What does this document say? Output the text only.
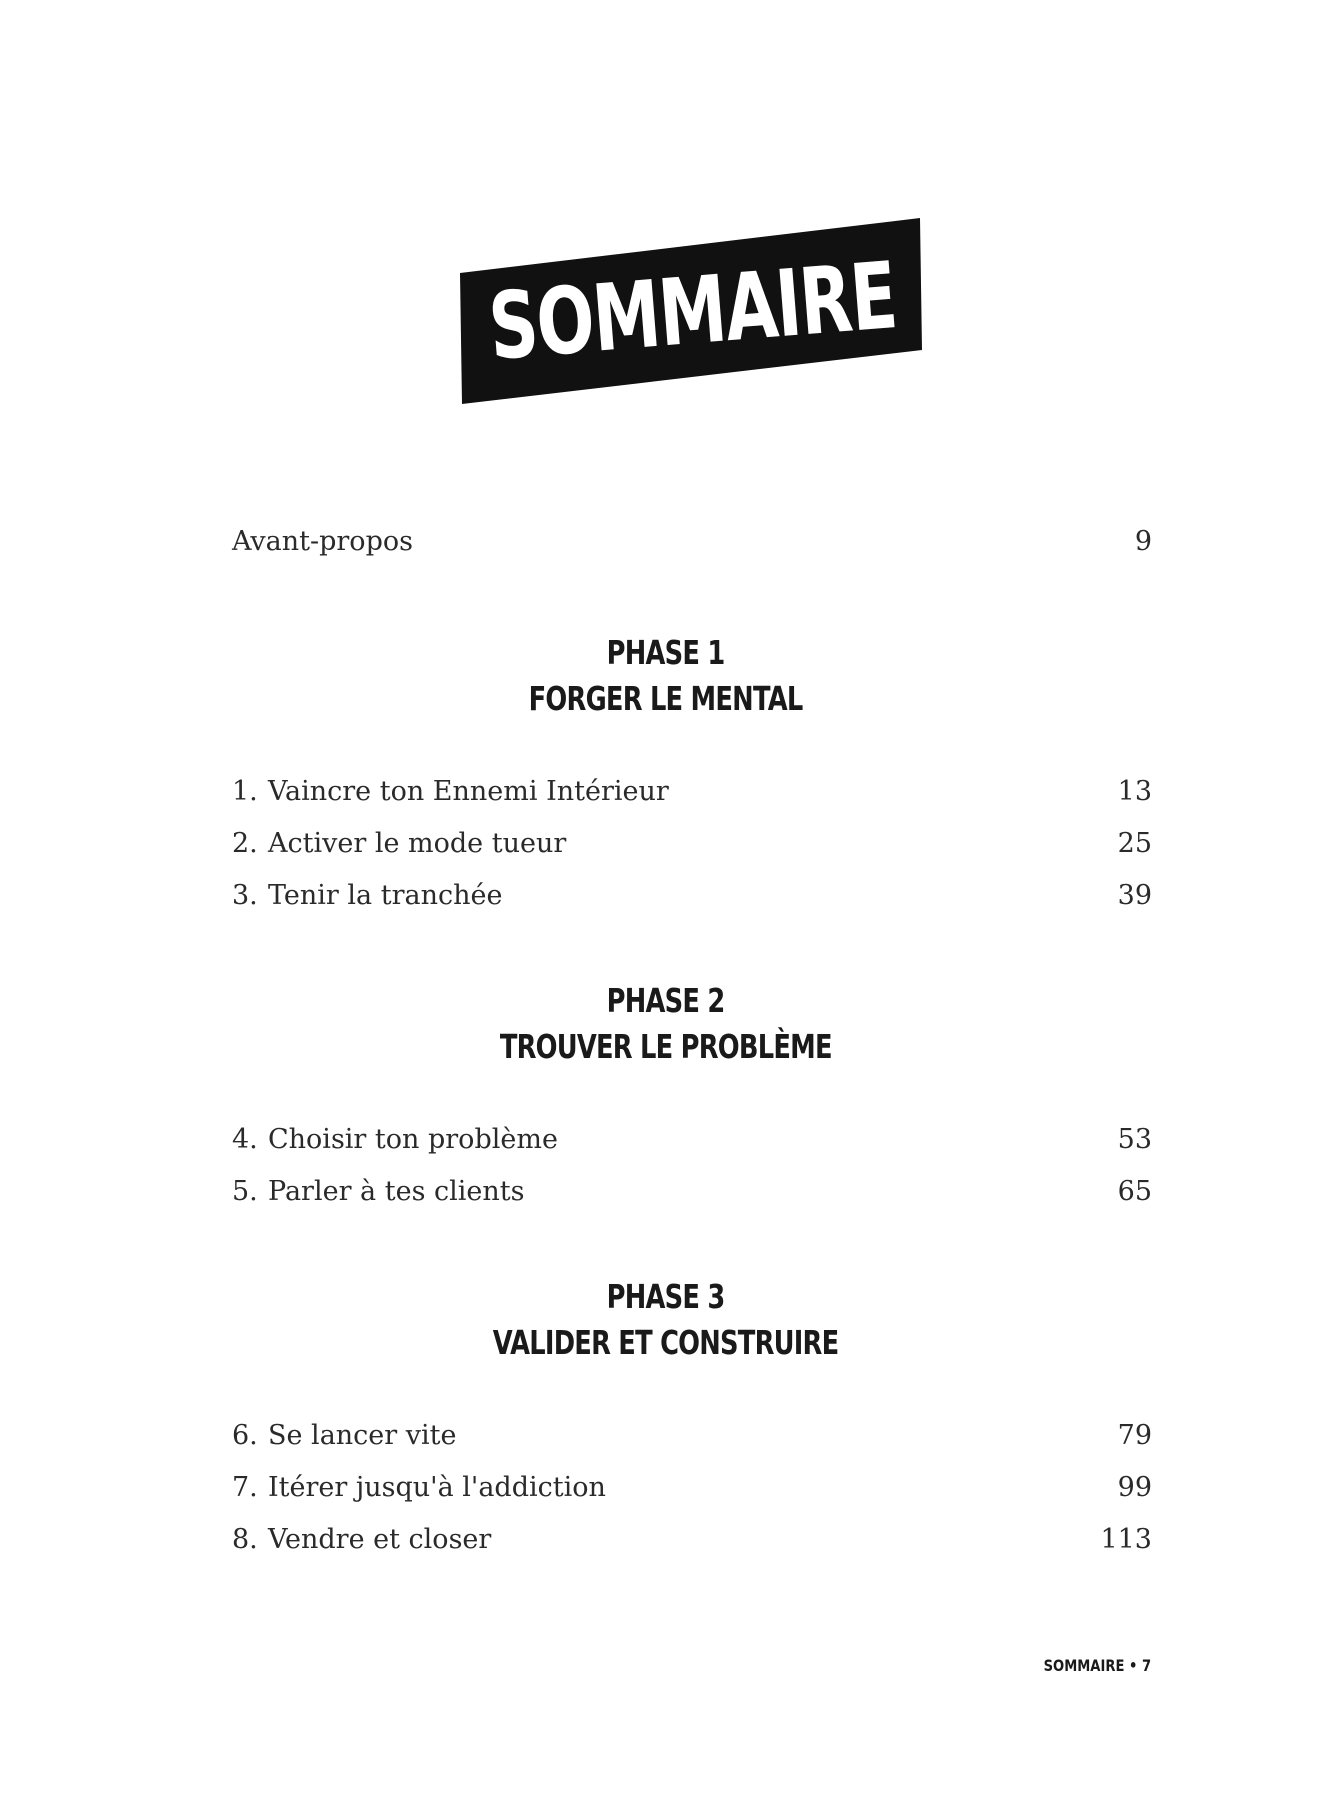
SOMMAIRE
Avant-propos	9
PHASE 1
FORGER LE MENTAL
1. Vaincre ton Ennemi Intérieur	13
2. Activer le mode tueur	25
3. Tenir la tranchée	39
PHASE 2
TROUVER LE PROBLÈME
4. Choisir ton problème	53
5. Parler à tes clients	65
PHASE 3
VALIDER ET CONSTRUIRE
6. Se lancer vite	79
7. Itérer jusqu'à l'addiction	99
8. Vendre et closer	113
SOMMAIRE • 7
